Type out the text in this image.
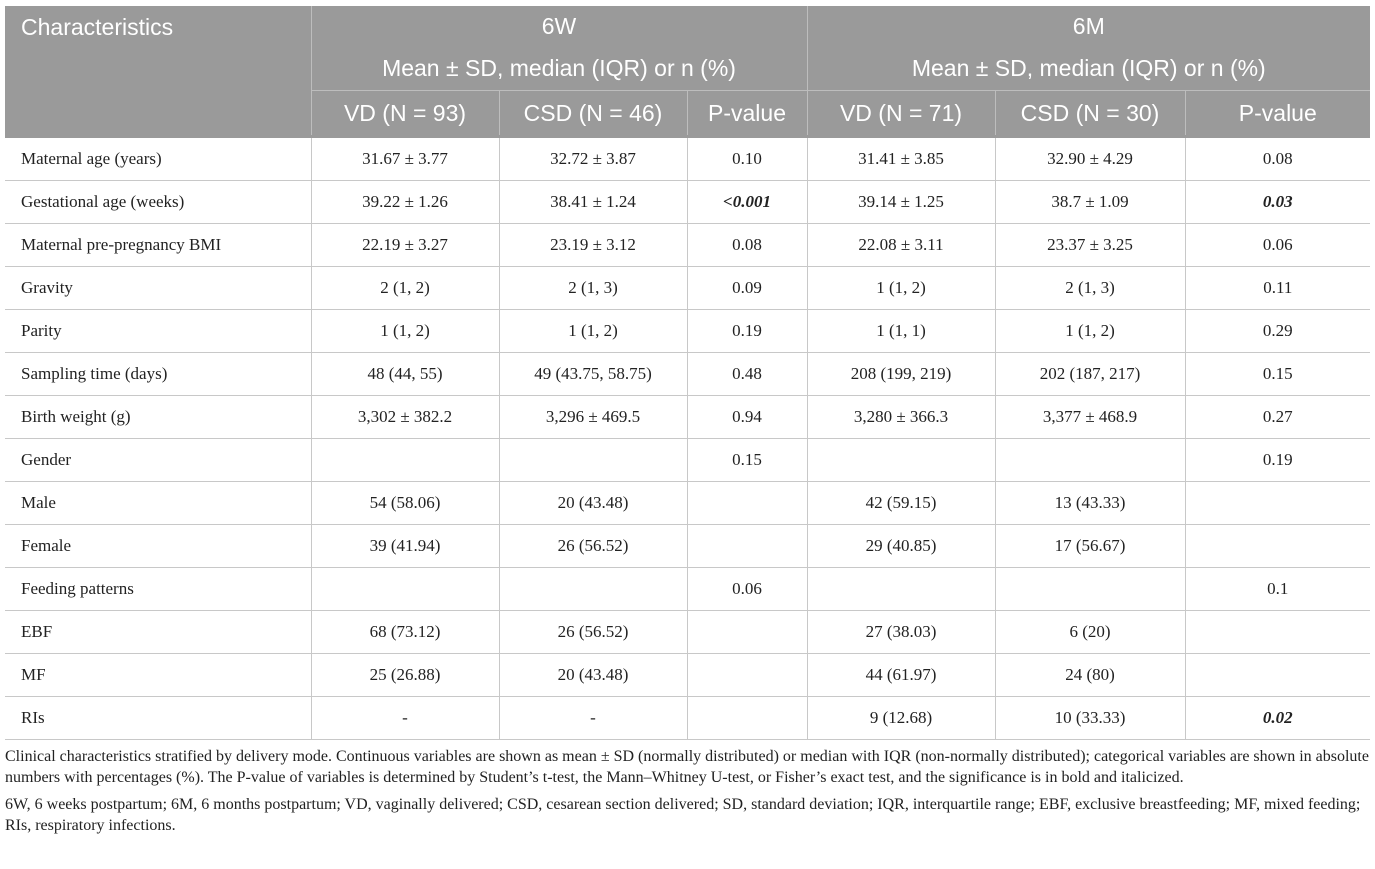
Characteristics	6W			6M		
	Mean ± SD, median (IQR) or n (%)			Mean ± SD, median (IQR) or n (%)		
	VD (N = 93)	CSD (N = 46)	P-value	VD (N = 71)	CSD (N = 30)	P-value
Maternal age (years)	31.67 ± 3.77	32.72 ± 3.87	0.10	31.41 ± 3.85	32.90 ± 4.29	0.08
Gestational age (weeks)	39.22 ± 1.26	38.41 ± 1.24	<0.001	39.14 ± 1.25	38.7 ± 1.09	0.03
Maternal pre-pregnancy BMI	22.19 ± 3.27	23.19 ± 3.12	0.08	22.08 ± 3.11	23.37 ± 3.25	0.06
Gravity	2 (1, 2)	2 (1, 3)	0.09	1 (1, 2)	2 (1, 3)	0.11
Parity	1 (1, 2)	1 (1, 2)	0.19	1 (1, 1)	1 (1, 2)	0.29
Sampling time (days)	48 (44, 55)	49 (43.75, 58.75)	0.48	208 (199, 219)	202 (187, 217)	0.15
Birth weight (g)	3,302 ± 382.2	3,296 ± 469.5	0.94	3,280 ± 366.3	3,377 ± 468.9	0.27
Gender			0.15			0.19
Male	54 (58.06)	20 (43.48)		42 (59.15)	13 (43.33)	
Female	39 (41.94)	26 (56.52)		29 (40.85)	17 (56.67)	
Feeding patterns			0.06			0.1
EBF	68 (73.12)	26 (56.52)		27 (38.03)	6 (20)	
MF	25 (26.88)	20 (43.48)		44 (61.97)	24 (80)	
RIs	-	-		9 (12.68)	10 (33.33)	0.02

Clinical characteristics stratified by delivery mode. Continuous variables are shown as mean ± SD (normally distributed) or median with IQR (non-normally distributed); categorical variables are shown in absolute numbers with percentages (%). The P-value of variables is determined by Student’s t-test, the Mann–Whitney U-test, or Fisher’s exact test, and the significance is in bold and italicized.

6W, 6 weeks postpartum; 6M, 6 months postpartum; VD, vaginally delivered; CSD, cesarean section delivered; SD, standard deviation; IQR, interquartile range; EBF, exclusive breastfeeding; MF, mixed feeding; RIs, respiratory infections.
